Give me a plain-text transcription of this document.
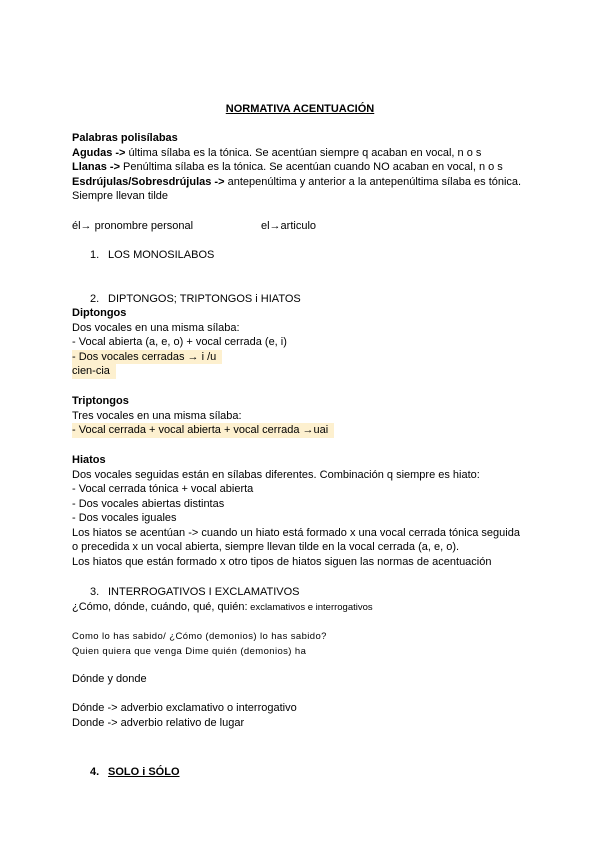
NORMATIVA ACENTUACIÓN
Palabras polisílabas
Agudas -> última sílaba es la tónica. Se acentúan siempre q acaban en vocal, n o s
Llanas -> Penúltima sílaba es la tónica. Se acentúan cuando NO acaban en vocal, n o s
Esdrújulas/Sobresdrújulas -> antepenúltima y anterior a la antepenúltima sílaba es tónica.
Siempre llevan tilde
él→ pronombre personal	el→articulo
1. LOS MONOSILABOS
2. DIPTONGOS; TRIPTONGOS i HIATOS
Diptongos
Dos vocales en una misma sílaba:
- Vocal abierta (a, e, o) + vocal cerrada (e, i)
- Dos vocales cerradas → i /u
cien-cia
Triptongos
Tres vocales en una misma sílaba:
- Vocal cerrada + vocal abierta + vocal cerrada →uai
Hiatos
Dos vocales seguidas están en sílabas diferentes. Combinación q siempre es hiato:
- Vocal cerrada tónica + vocal abierta
- Dos vocales abiertas distintas
- Dos vocales iguales
Los hiatos se acentúan -> cuando un hiato está formado x una vocal cerrada tónica seguida
o precedida x un vocal abierta, siempre llevan tilde en la vocal cerrada (a, e, o).
Los hiatos que están formado x otro tipos de hiatos siguen las normas de acentuación
3. INTERROGATIVOS I EXCLAMATIVOS
¿Cómo, dónde, cuándo, qué, quién: exclamativos e interrogativos
Como lo has sabido/ ¿Cómo (demonios) lo has sabido?
Quien quiera que venga Dime quién (demonios) ha
Dónde y donde
Dónde -> adverbio exclamativo o interrogativo
Donde -> adverbio relativo de lugar
4. SOLO i SÓLO
